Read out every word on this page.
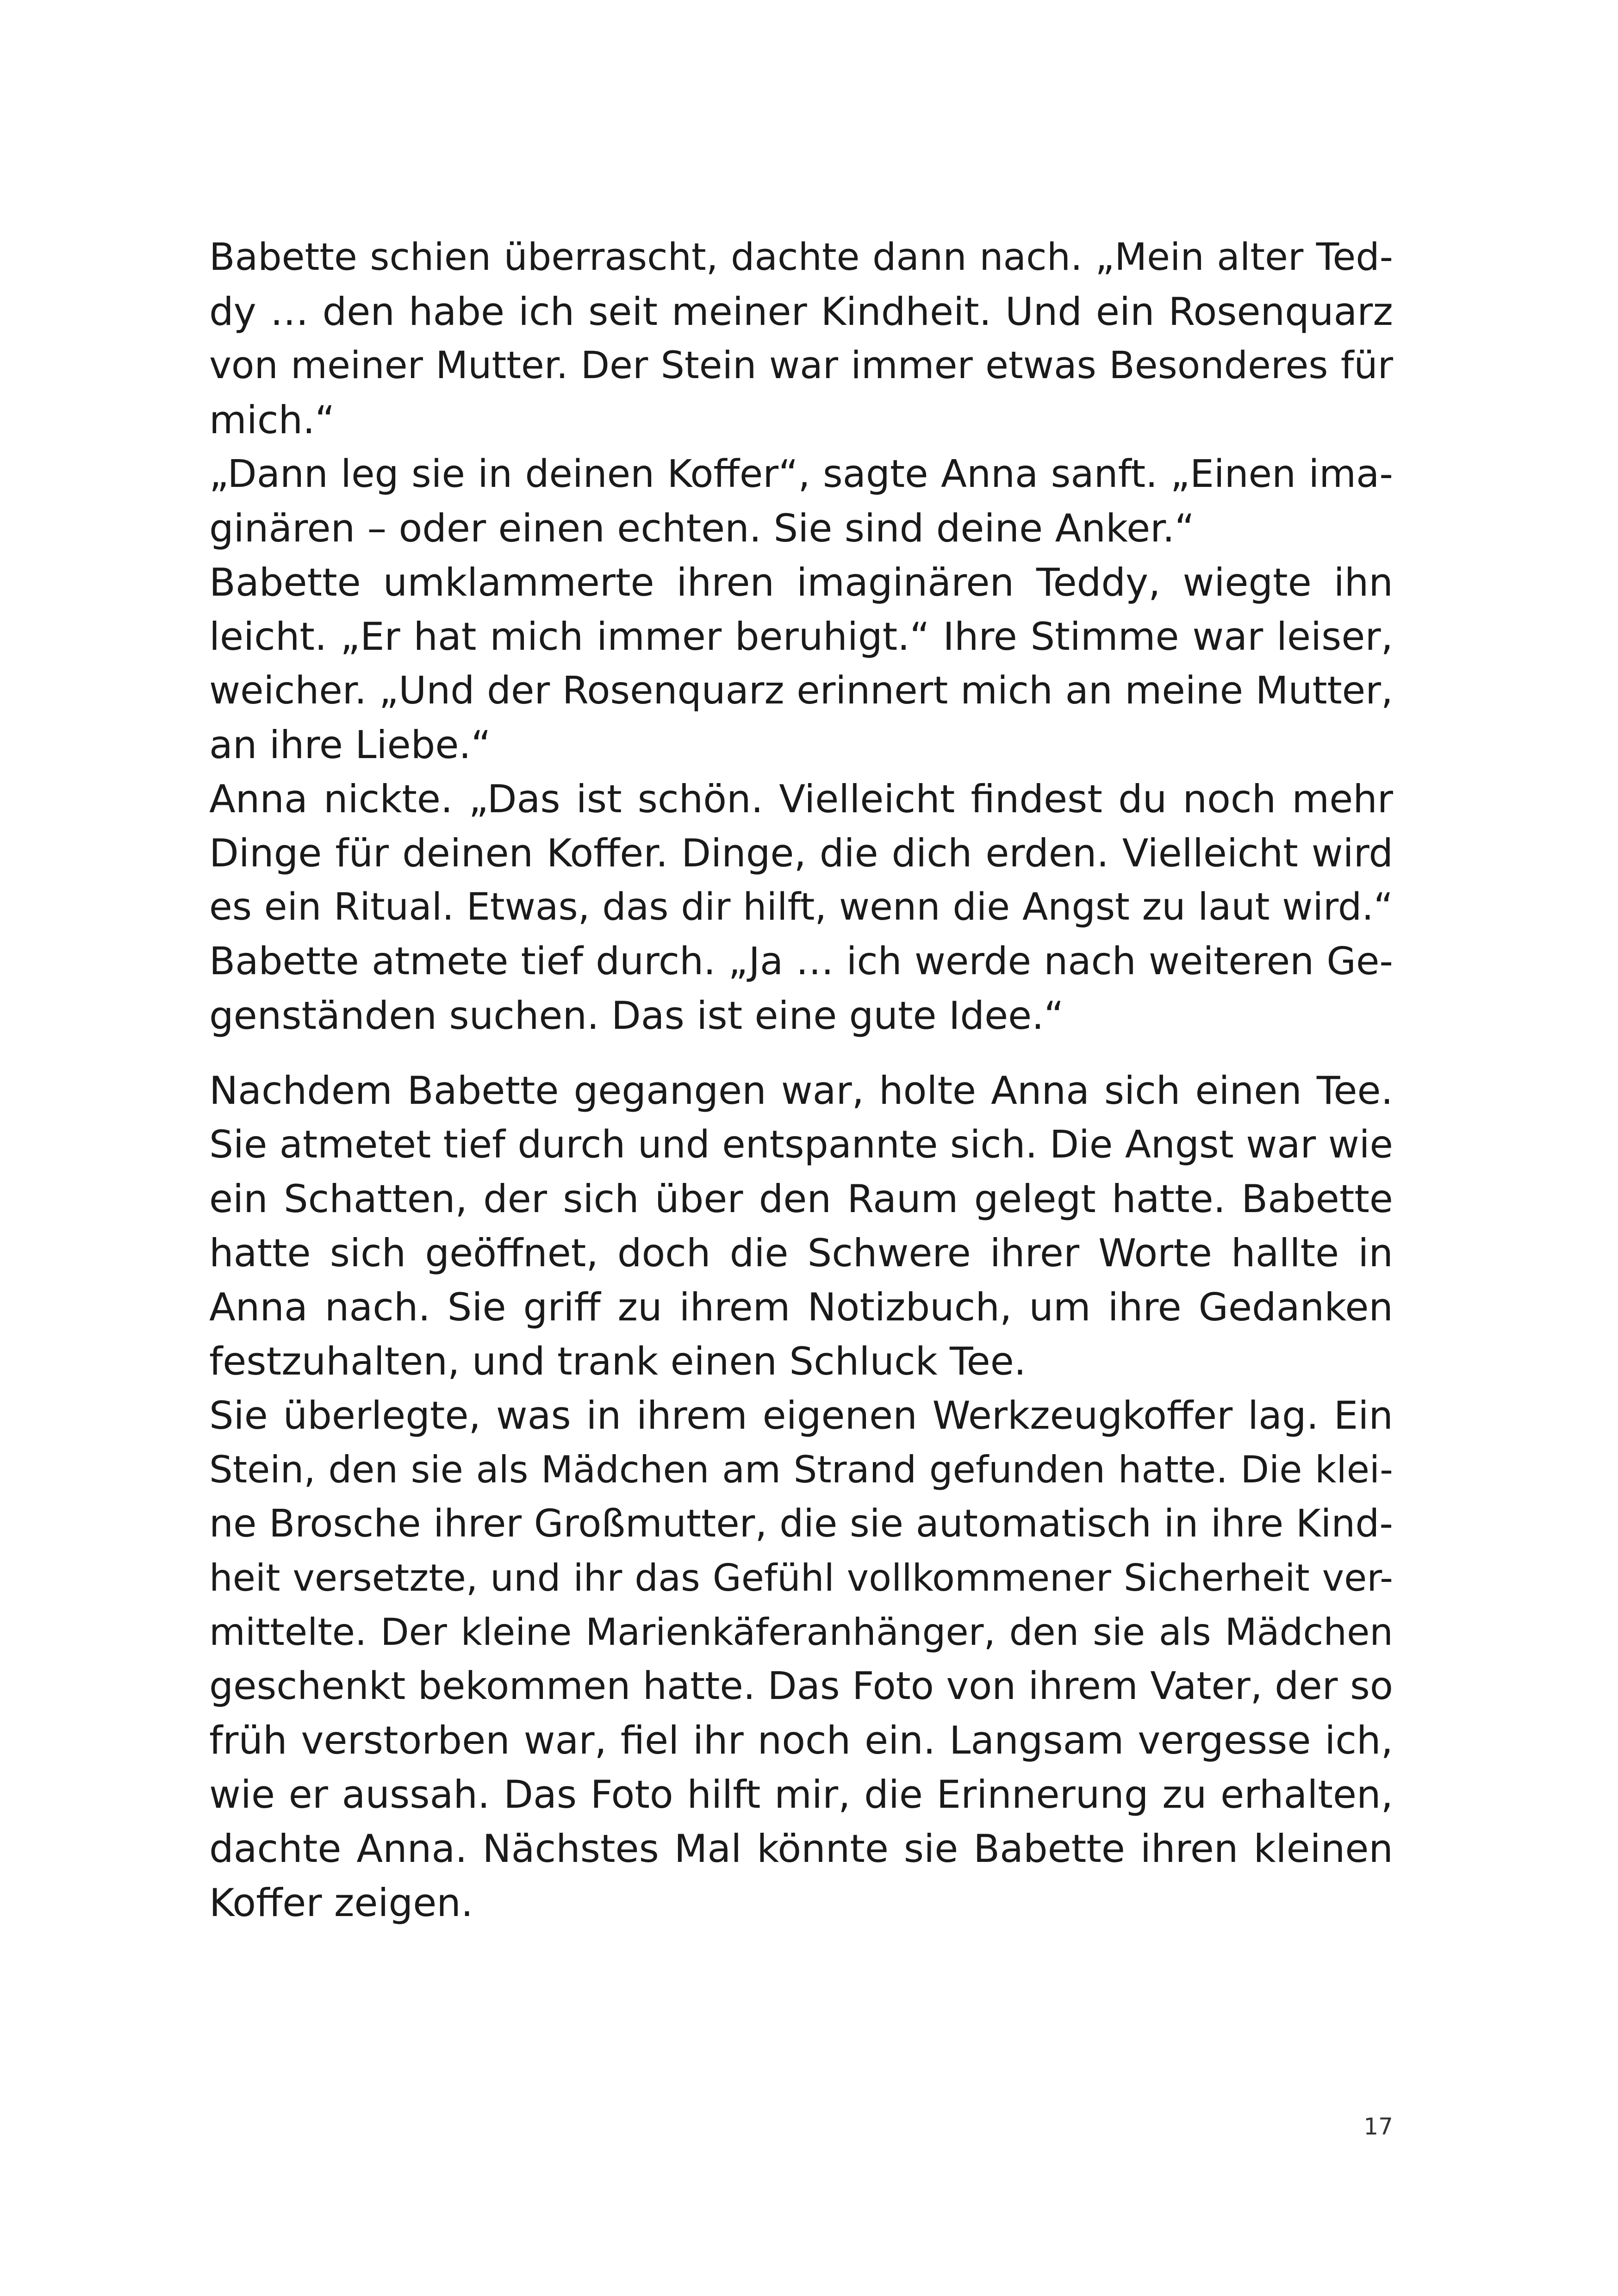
Babette schien überrascht, dachte dann nach. „Mein alter Ted-
dy … den habe ich seit meiner Kindheit. Und ein Rosenquarz
von meiner Mutter. Der Stein war immer etwas Besonderes für
mich.“
„Dann leg sie in deinen Koffer“, sagte Anna sanft. „Einen ima-
ginären – oder einen echten. Sie sind deine Anker.“
Babette umklammerte ihren imaginären Teddy, wiegte ihn
leicht. „Er hat mich immer beruhigt.“ Ihre Stimme war leiser,
weicher. „Und der Rosenquarz erinnert mich an meine Mutter,
an ihre Liebe.“
Anna nickte. „Das ist schön. Vielleicht findest du noch mehr
Dinge für deinen Koffer. Dinge, die dich erden. Vielleicht wird
es ein Ritual. Etwas, das dir hilft, wenn die Angst zu laut wird.“
Babette atmete tief durch. „Ja … ich werde nach weiteren Ge-
genständen suchen. Das ist eine gute Idee.“
Nachdem Babette gegangen war, holte Anna sich einen Tee.
Sie atmetet tief durch und entspannte sich. Die Angst war wie
ein Schatten, der sich über den Raum gelegt hatte. Babette
hatte sich geöffnet, doch die Schwere ihrer Worte hallte in
Anna nach. Sie griff zu ihrem Notizbuch, um ihre Gedanken
festzuhalten, und trank einen Schluck Tee.
Sie überlegte, was in ihrem eigenen Werkzeugkoffer lag. Ein
Stein, den sie als Mädchen am Strand gefunden hatte. Die klei-
ne Brosche ihrer Großmutter, die sie automatisch in ihre Kind-
heit versetzte, und ihr das Gefühl vollkommener Sicherheit ver-
mittelte. Der kleine Marienkäferanhänger, den sie als Mädchen
geschenkt bekommen hatte. Das Foto von ihrem Vater, der so
früh verstorben war, fiel ihr noch ein. Langsam vergesse ich,
wie er aussah. Das Foto hilft mir, die Erinnerung zu erhalten,
dachte Anna. Nächstes Mal könnte sie Babette ihren kleinen
Koffer zeigen.
17
